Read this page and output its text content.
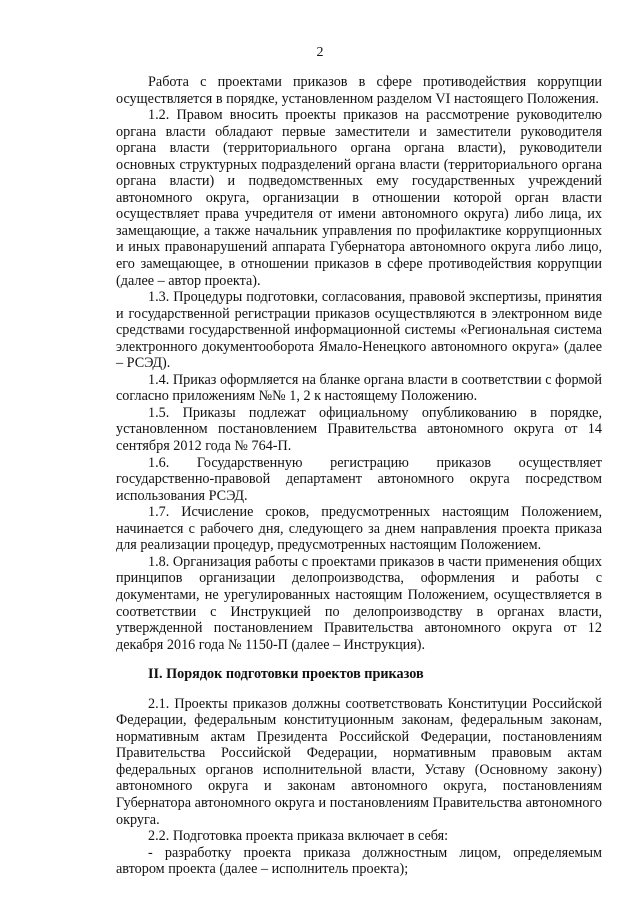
2

Работа с проектами приказов в сфере противодействия коррупции осуществляется в порядке, установленном разделом VI настоящего Положения.

1.2. Правом вносить проекты приказов на рассмотрение руководителю органа власти обладают первые заместители и заместители руководителя органа власти (территориального органа органа власти), руководители основных структурных подразделений органа власти (территориального органа органа власти) и подведомственных ему государственных учреждений автономного округа, организации в отношении которой орган власти осуществляет права учредителя от имени автономного округа) либо лица, их замещающие, а также начальник управления по профилактике коррупционных и иных правонарушений аппарата Губернатора автономного округа либо лицо, его замещающее, в отношении приказов в сфере противодействия коррупции (далее – автор проекта).

1.3. Процедуры подготовки, согласования, правовой экспертизы, принятия и государственной регистрации приказов осуществляются в электронном виде средствами государственной информационной системы «Региональная система электронного документооборота Ямало-Ненецкого автономного округа» (далее – РСЭД).

1.4. Приказ оформляется на бланке органа власти в соответствии с формой согласно приложениям №№ 1, 2 к настоящему Положению.

1.5. Приказы подлежат официальному опубликованию в порядке, установленном постановлением Правительства автономного округа от 14 сентября 2012 года № 764-П.

1.6. Государственную регистрацию приказов осуществляет государственно-правовой департамент автономного округа посредством использования РСЭД.

1.7. Исчисление сроков, предусмотренных настоящим Положением, начинается с рабочего дня, следующего за днем направления проекта приказа для реализации процедур, предусмотренных настоящим Положением.

1.8. Организация работы с проектами приказов в части применения общих принципов организации делопроизводства, оформления и работы с документами, не урегулированных настоящим Положением, осуществляется в соответствии с Инструкцией по делопроизводству в органах власти, утвержденной постановлением Правительства автономного округа от 12 декабря 2016 года № 1150-П (далее – Инструкция).

II. Порядок подготовки проектов приказов

2.1. Проекты приказов должны соответствовать Конституции Российской Федерации, федеральным конституционным законам, федеральным законам, нормативным актам Президента Российской Федерации, постановлениям Правительства Российской Федерации, нормативным правовым актам федеральных органов исполнительной власти, Уставу (Основному закону) автономного округа и законам автономного округа, постановлениям Губернатора автономного округа и постановлениям Правительства автономного округа.

2.2. Подготовка проекта приказа включает в себя:

- разработку проекта приказа должностным лицом, определяемым автором проекта (далее – исполнитель проекта);
